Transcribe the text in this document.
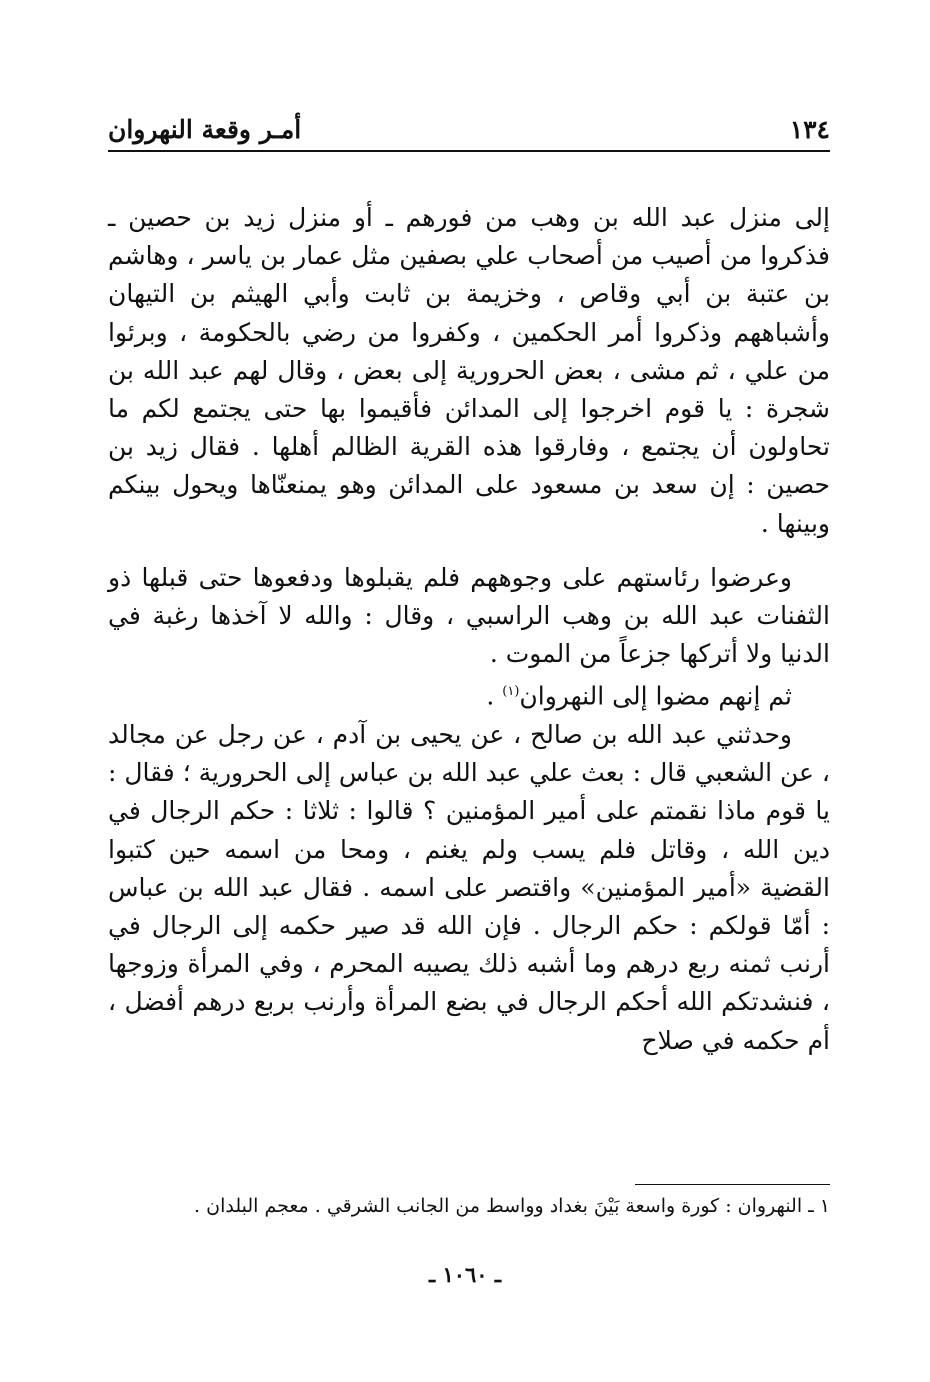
١٣٤
أمـر وقعة النهروان

إلى منزل عبد الله بن وهب من فورهم ـ أو منزل زيد بن حصين ـ فذكروا من أصيب من أصحاب علي بصفين مثل عمار بن ياسر ، وهاشم بن عتبة بن أبي وقاص ، وخزيمة بن ثابت وأبي الهيثم بن التيهان وأشباههم وذكروا أمر الحكمين ، وكفروا من رضي بالحكومة ، وبرئوا من علي ، ثم مشى ، بعض الحرورية إلى بعض ، وقال لهم عبد الله بن شجرة : يا قوم اخرجوا إلى المدائن فأقيموا بها حتى يجتمع لكم ما تحاولون أن يجتمع ، وفارقوا هذه القرية الظالم أهلها . فقال زيد بن حصين : إن سعد بن مسعود على المدائن وهو يمنعنّاها ويحول بينكم وبينها .

وعرضوا رئاستهم على وجوههم فلم يقبلوها ودفعوها حتى قبلها ذو الثفنات عبد الله بن وهب الراسبي ، وقال : والله لا آخذها رغبة في الدنيا ولا أتركها جزعاً من الموت .

ثم إنهم مضوا إلى النهروان$^{(١)}$ .

وحدثني عبد الله بن صالح ، عن يحيى بن آدم ، عن رجل عن مجالد ، عن الشعبي قال : بعث علي عبد الله بن عباس إلى الحرورية ؛ فقال : يا قوم ماذا نقمتم على أمير المؤمنين ؟ قالوا : ثلاثا : حكم الرجال في دين الله ، وقاتل فلم يسب ولم يغنم ، ومحا من اسمه حين كتبوا القضية «أمير المؤمنين» واقتصر على اسمه . فقال عبد الله بن عباس : أمّا قولكم : حكم الرجال . فإن الله قد صير حكمه إلى الرجال في أرنب ثمنه ربع درهم وما أشبه ذلك يصيبه المحرم ، وفي المرأة وزوجها ، فنشدتكم الله أحكم الرجال في بضع المرأة وأرنب بربع درهم أفضل ، أم حكمه في صلاح

١ ـ النهروان : كورة واسعة بَيْنَ بغداد وواسط من الجانب الشرقي . معجم البلدان .
ـ ١٠٦٠ ـ
